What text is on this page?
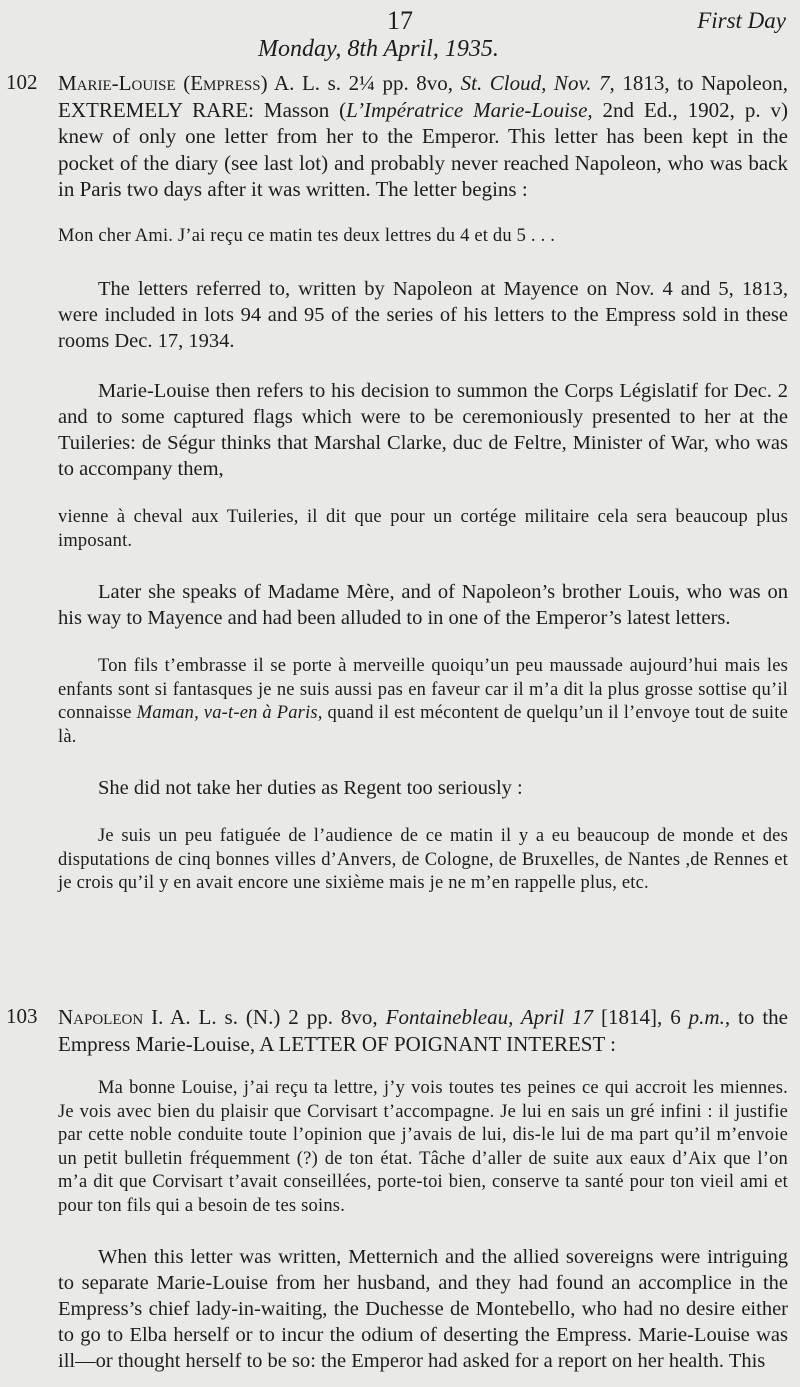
17	First Day
Monday, 8th April, 1935.
102 Marie-Louise (Empress) A. L. s. 2¼ pp. 8vo, St. Cloud, Nov. 7, 1813, to Napoleon, EXTREMELY RARE: Masson (L’Impératrice Marie-Louise, 2nd Ed., 1902, p. v) knew of only one letter from her to the Emperor. This letter has been kept in the pocket of the diary (see last lot) and probably never reached Napoleon, who was back in Paris two days after it was written. The letter begins :

Mon cher Ami. J’ai reçu ce matin tes deux lettres du 4 et du 5 . . .

The letters referred to, written by Napoleon at Mayence on Nov. 4 and 5, 1813, were included in lots 94 and 95 of the series of his letters to the Empress sold in these rooms Dec. 17, 1934.

Marie-Louise then refers to his decision to summon the Corps Législatif for Dec. 2 and to some captured flags which were to be ceremoniously presented to her at the Tuileries: de Ségur thinks that Marshal Clarke, duc de Feltre, Minister of War, who was to accompany them,

vienne à cheval aux Tuileries, il dit que pour un cortége militaire cela sera beaucoup plus imposant.

Later she speaks of Madame Mère, and of Napoleon’s brother Louis, who was on his way to Mayence and had been alluded to in one of the Emperor’s latest letters.

Ton fils t’embrasse il se porte à merveille quoiqu’un peu maussade aujourd’hui mais les enfants sont si fantasques je ne suis aussi pas en faveur car il m’a dit la plus grosse sottise qu’il connaisse Maman, va-t-en à Paris, quand il est mécontent de quelqu’un il l’envoye tout de suite là.

She did not take her duties as Regent too seriously :

Je suis un peu fatiguée de l’audience de ce matin il y a eu beaucoup de monde et des disputations de cinq bonnes villes d’Anvers, de Cologne, de Bruxelles, de Nantes ,de Rennes et je crois qu’il y en avait encore une sixième mais je ne m’en rappelle plus, etc.

103 Napoleon I. A. L. s. (N.) 2 pp. 8vo, Fontainebleau, April 17 [1814], 6 p.m., to the Empress Marie-Louise, A LETTER OF POIGNANT INTEREST :

Ma bonne Louise, j’ai reçu ta lettre, j’y vois toutes tes peines ce qui accroit les miennes. Je vois avec bien du plaisir que Corvisart t’accompagne. Je lui en sais un gré infini : il justifie par cette noble conduite toute l’opinion que j’avais de lui, dis-le lui de ma part qu’il m’envoie un petit bulletin fréquemment (?) de ton état. Tâche d’aller de suite aux eaux d’Aix que l’on m’a dit que Corvisart t’avait conseillées, porte-toi bien, conserve ta santé pour ton vieil ami et pour ton fils qui a besoin de tes soins.

When this letter was written, Metternich and the allied sovereigns were intriguing to separate Marie-Louise from her husband, and they had found an accomplice in the Empress’s chief lady-in-waiting, the Duchesse de Montebello, who had no desire either to go to Elba herself or to incur the odium of deserting the Empress. Marie-Louise was ill—or thought herself to be so: the Emperor had asked for a report on her health. This
